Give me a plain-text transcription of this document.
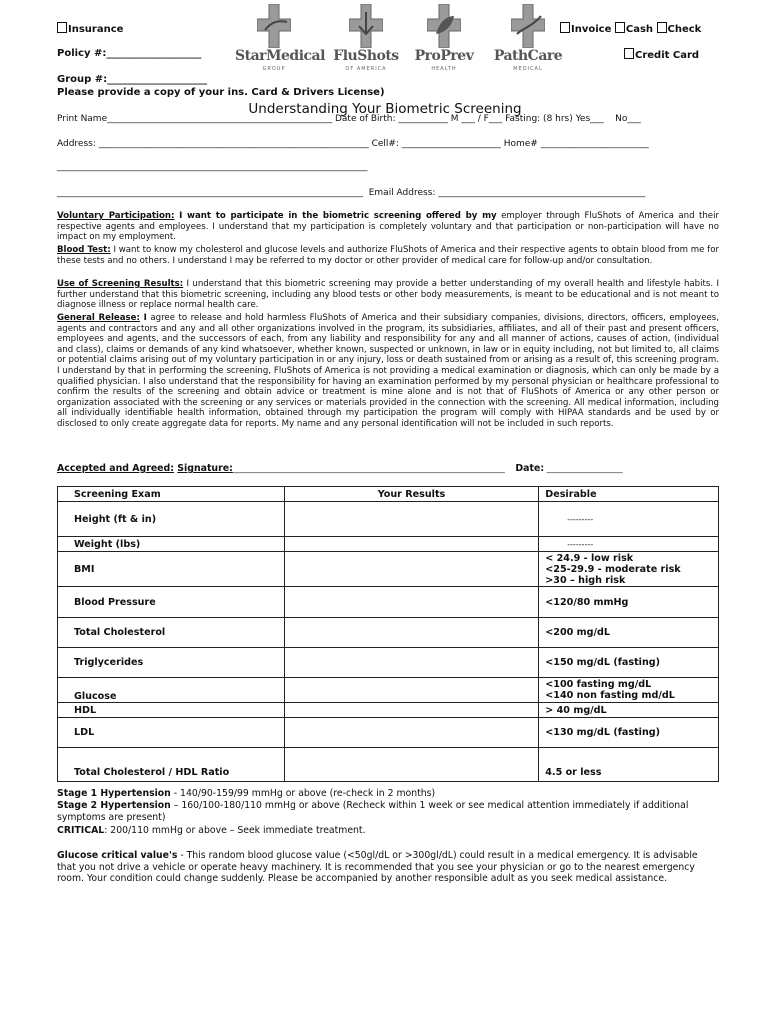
Insurance
Policy #:___________________
Group #:____________________
Please provide a copy of your ins. Card & Drivers License)
Invoice Cash Check
Credit Card
StarMedical
GROUP
FluShots
OF AMERICA
ProPrev
HEALTH
PathCare
MEDICAL
Understanding Your Biometric Screening
Print Name__________________________________________________ Date of Birth: ___________ M ___ / F___ Fasting: (8 hrs) Yes___    No___
Address: ____________________________________________________________ Cell#: ______________________ Home# ________________________
_____________________________________________________________________
____________________________________________________________________  Email Address: ______________________________________________
Voluntary Participation: I want to participate in the biometric screening offered by my employer through FluShots of America and their respective agents and employees. I understand that my participation is completely voluntary and that participation or non-participation will have no impact on my employment.
Blood Test: I want to know my cholesterol and glucose levels and authorize FluShots of America and their respective agents to obtain blood from me for these tests and no others. I understand I may be referred to my doctor or other provider of medical care for follow-up and/or consultation.
Use of Screening Results: I understand that this biometric screening may provide a better understanding of my overall health and lifestyle habits. I further understand that this biometric screening, including any blood tests or other body measurements, is meant to be educational and is not meant to diagnose illness or replace normal health care.
General Release: I agree to release and hold harmless FluShots of America and their subsidiary companies, divisions, directors, officers, employees, agents and contractors and any and all other organizations involved in the program, its subsidiaries, affiliates, and all of their past and present officers, employees and agents, and the successors of each, from any liability and responsibility for any and all manner of actions, causes of action, (individual and class), claims or demands of any kind whatsoever, whether known, suspected or unknown, in law or in equity including, not but limited to, all claims or potential claims arising out of my voluntary participation in or any injury, loss or death sustained from or arising as a result of, this screening program. I understand by that in performing the screening, FluShots of America is not providing a medical examination or diagnosis, which can only be made by a qualified physician. I also understand that the responsibility for having an examination performed by my personal physician or healthcare professional to confirm the results of the screening and obtain advice or treatment is mine alone and is not that of FluShots of America or any other person or organization associated with the screening or any services or materials provided in the connection with the screening. All medical information, including all individually identifiable health information, obtained through my participation the program will comply with HIPAA standards and be used by or disclosed to only create aggregate data for reports. My name and any personal identification will not be included in such reports.
Accepted and Agreed: Signature:____________________________________________________________________ Date: ___________________
Screening Exam	Your Results	Desirable
Height (ft & in)		---------
Weight (lbs)		---------
BMI		< 24.9 - low risk
<25-29.9 - moderate risk
>30 – high risk

Blood Pressure		<120/80 mmHg
Total Cholesterol		<200 mg/dL
Triglycerides		<150 mg/dL (fasting)
Glucose		<100 fasting mg/dL
<140 non fasting md/dL

HDL		> 40 mg/dL
LDL		<130 mg/dL (fasting)
Total Cholesterol / HDL Ratio		4.5 or less
Stage 1 Hypertension - 140/90-159/99 mmHg or above (re-check in 2 months)
Stage 2 Hypertension – 160/100-180/110 mmHg or above (Recheck within 1 week or see medical attention immediately if additional symptoms are present)
CRITICAL: 200/110 mmHg or above – Seek immediate treatment.
Glucose critical value's - This random blood glucose value (<50gl/dL or >300gl/dL) could result in a medical emergency. It is advisable that you not drive a vehicle or operate heavy machinery. It is recommended that you see your physician or go to the nearest emergency room. Your condition could change suddenly. Please be accompanied by another responsible adult as you seek medical assistance.
